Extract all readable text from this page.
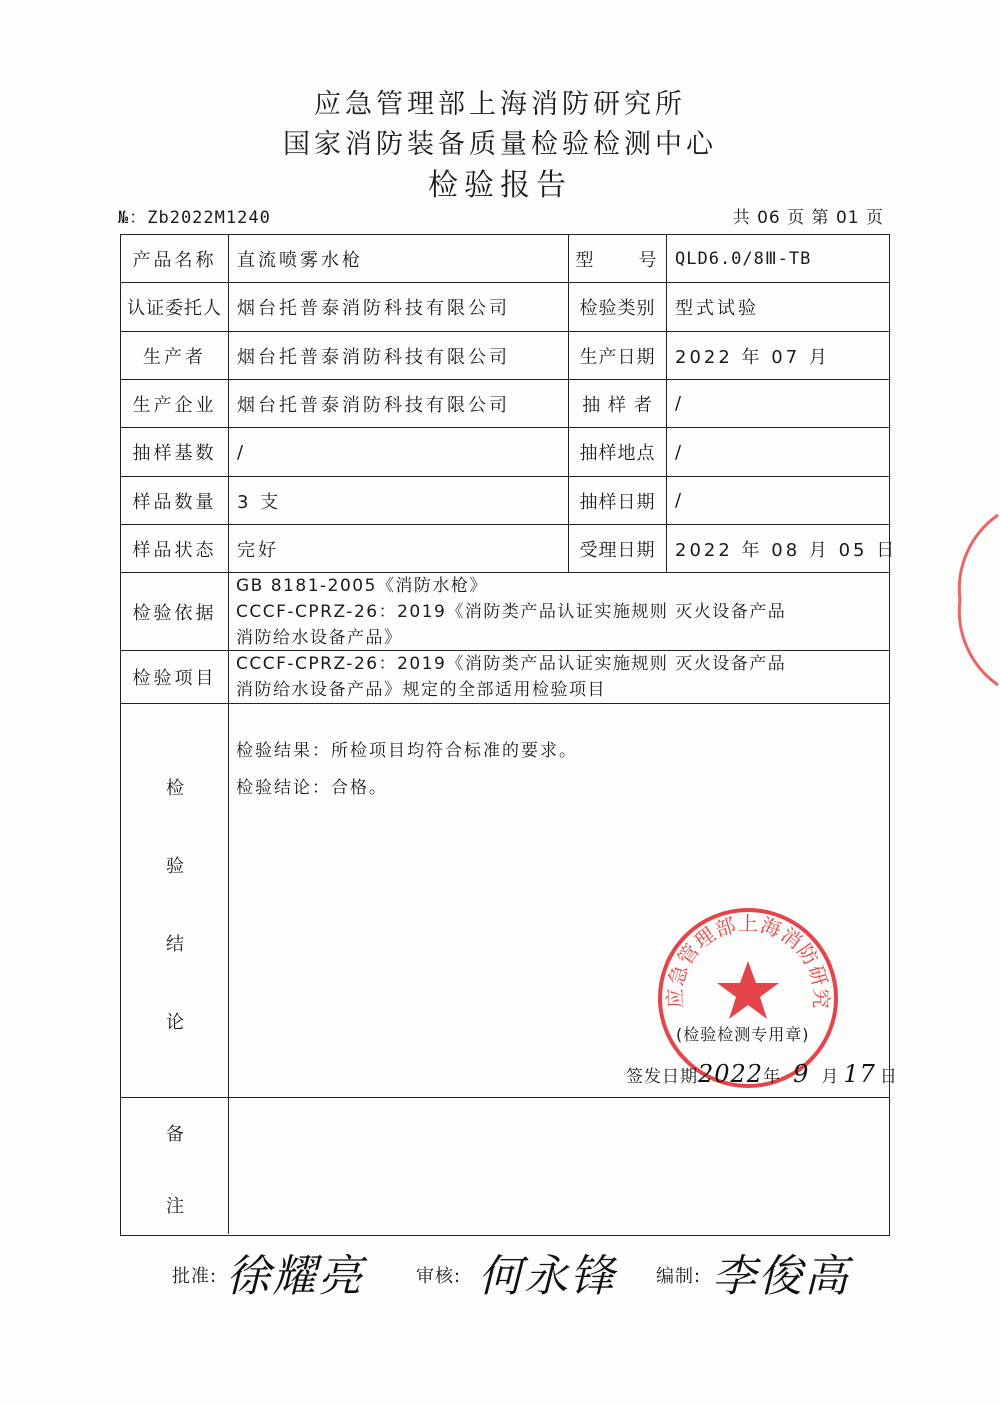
应急管理部上海消防研究所
国家消防装备质量检验检测中心
检验报告
№：Zb2022M1240	共 06 页 第 01 页
产品名称	直流喷雾水枪	型　　号 QLD6.0/8Ⅲ-TB
认证委托人 烟台托普泰消防科技有限公司	检验类别	型式试验
生产者	烟台托普泰消防科技有限公司	生产日期	2022 年 07 月
生产企业	烟台托普泰消防科技有限公司	抽 样 者	/
抽样基数	/	抽样地点	/
样品数量	3 支	抽样日期	/
样品状态	完好	受理日期	2022 年 08 月 05 日
检验依据
GB 8181-2005《消防水枪》
CCCF-CPRZ-26：2019《消防类产品认证实施规则 灭火设备产品
消防给水设备产品》
检验项目
CCCF-CPRZ-26：2019《消防类产品认证实施规则 灭火设备产品
消防给水设备产品》规定的全部适用检验项目
检
验
结
论
检验结果：所检项目均符合标准的要求。
检验结论：合格。
应急管理部上海消防研究
(检验检测专用章)
签发日期2022年 9 月 17 日
备
注
批准: 徐耀亮	审核: 何永锋 编制: 李俊高
